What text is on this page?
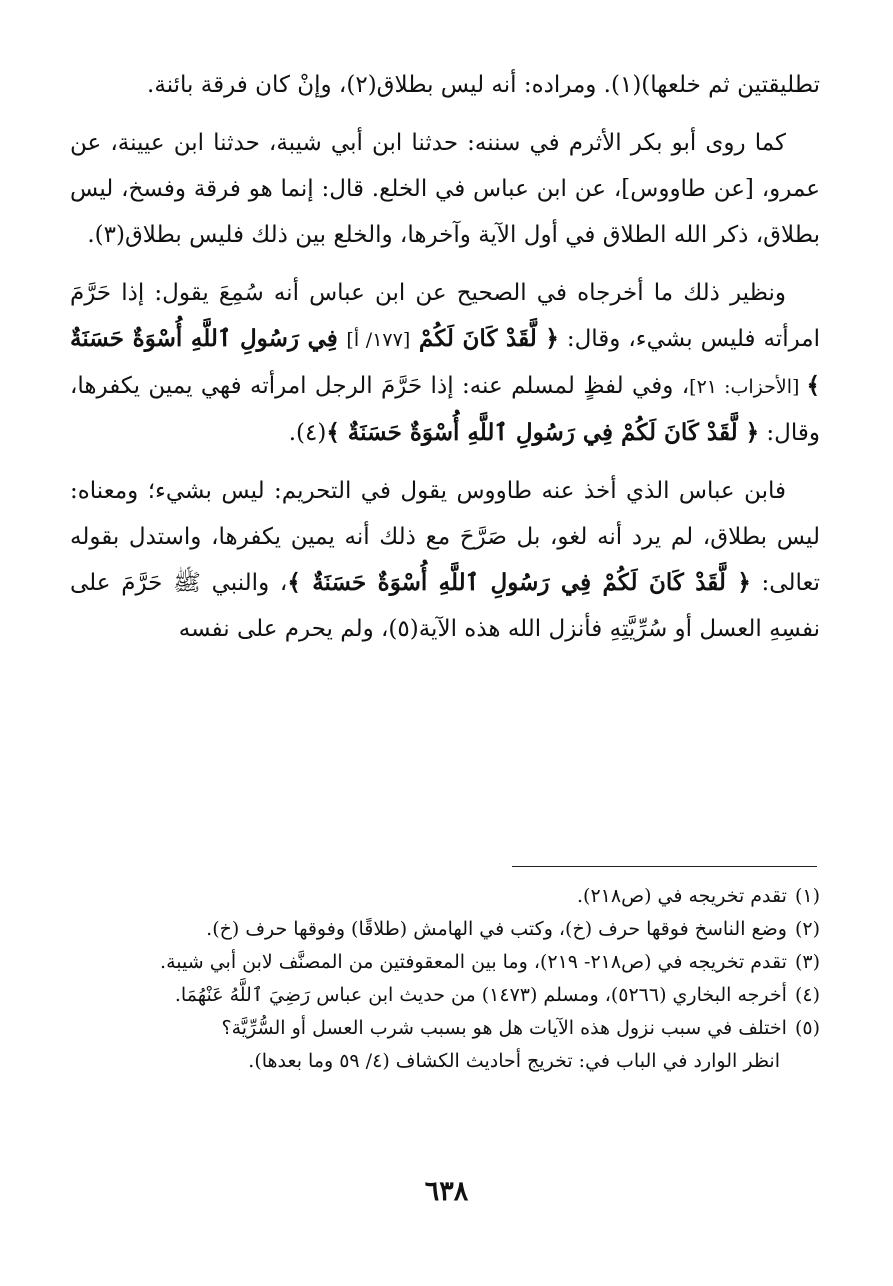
تطليقتين ثم خلعها)(١). ومراده: أنه ليس بطلاق(٢)، وإنْ كان فرقة بائنة.

كما روى أبو بكر الأثرم في سننه: حدثنا ابن أبي شيبة، حدثنا ابن عيينة، عن عمرو، [عن طاووس]، عن ابن عباس في الخلع. قال: إنما هو فرقة وفسخ، ليس بطلاق، ذكر الله الطلاق في أول الآية وآخرها، والخلع بين ذلك فليس بطلاق(٣).

ونظير ذلك ما أخرجاه في الصحيح عن ابن عباس أنه سُمِعَ يقول: إذا حَرَّمَ امرأته فليس بشيء، وقال: ﴿ لَّقَدْ كَانَ لَكُمْ [١٧٧/ أ] فِي رَسُولِ ٱللَّهِ أُسْوَةٌ حَسَنَةٌ ﴾ [الأحزاب: ٢١]، وفي لفظٍ لمسلم عنه: إذا حَرَّمَ الرجل امرأته فهي يمين يكفرها، وقال: ﴿ لَّقَدْ كَانَ لَكُمْ فِي رَسُولِ ٱللَّهِ أُسْوَةٌ حَسَنَةٌ ﴾(٤).

فابن عباس الذي أخذ عنه طاووس يقول في التحريم: ليس بشيء؛ ومعناه: ليس بطلاق، لم يرد أنه لغو، بل صَرَّحَ مع ذلك أنه يمين يكفرها، واستدل بقوله تعالى: ﴿ لَّقَدْ كَانَ لَكُمْ فِي رَسُولِ ٱللَّهِ أُسْوَةٌ حَسَنَةٌ ﴾، والنبي ﷺ حَرَّمَ على نفسِهِ العسل أو سُرِّيَّتِهِ فأنزل الله هذه الآية(٥)، ولم يحرم على نفسه

(١)
تقدم تخريجه في (ص٢١٨).
(٢)
وضع الناسخ فوقها حرف (خ)، وكتب في الهامش (طلاقًا) وفوقها حرف (خ).
(٣)
تقدم تخريجه في (ص٢١٨- ٢١٩)، وما بين المعقوفتين من المصنَّف لابن أبي شيبة.
(٤)
أخرجه البخاري (٥٢٦٦)، ومسلم (١٤٧٣) من حديث ابن عباس رَضِيَ ٱللَّهُ عَنْهُمَا.
(٥)
اختلف في سبب نزول هذه الآيات هل هو بسبب شرب العسل أو السُّرِّيَّة؟
انظر الوارد في الباب في: تخريج أحاديث الكشاف (٤/ ٥٩ وما بعدها).
٦٣٨
